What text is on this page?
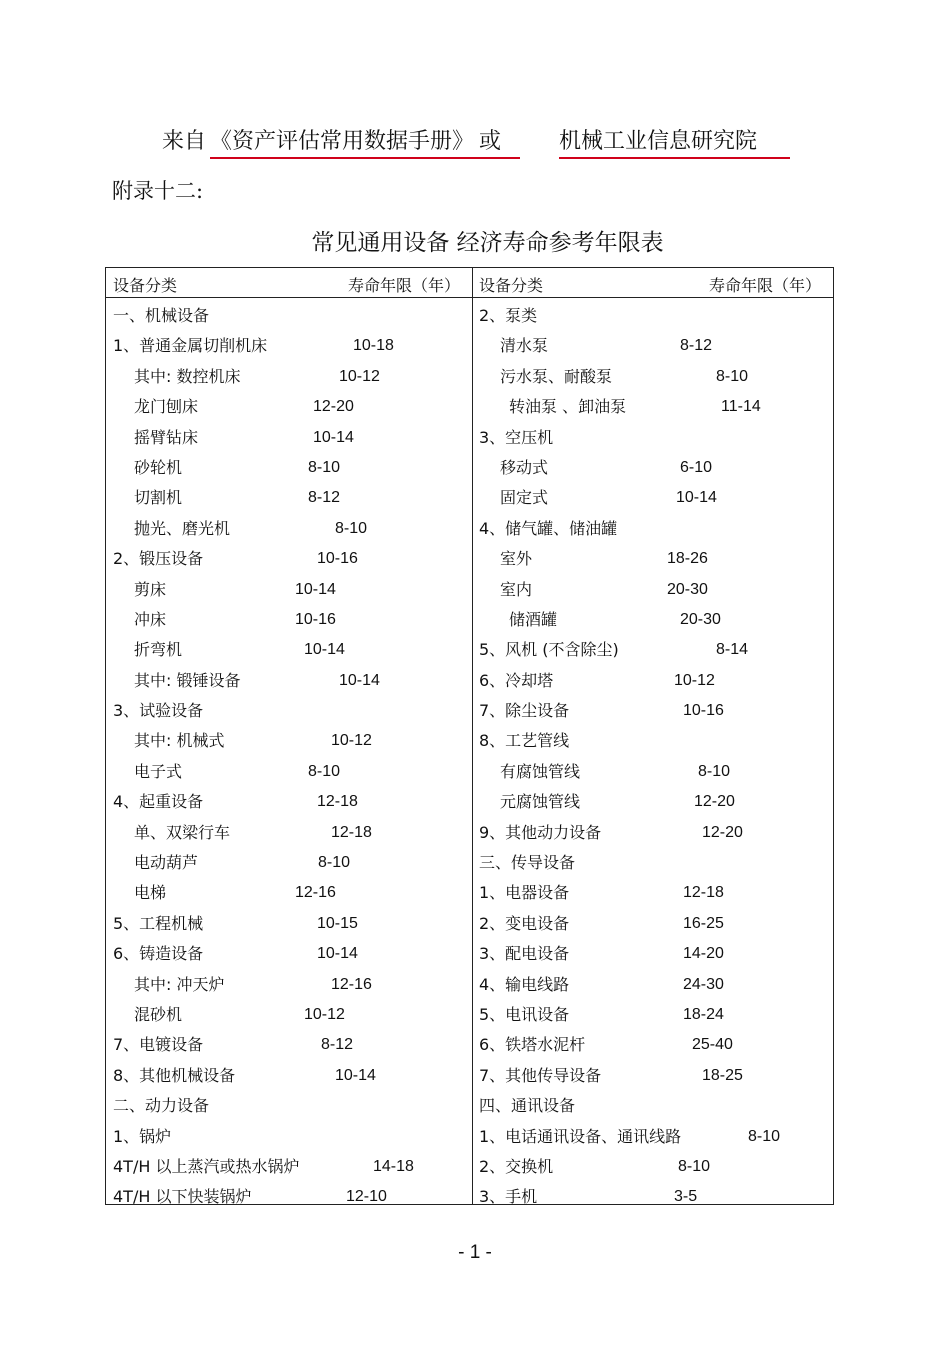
来自 《资产评估常用数据手册》 或	机械工业信息研究院
附录十二:
常见通用设备 经济寿命参考年限表
设备分类	寿命年限（年）
一、机械设备
1、普通金属切削机床	10-18
其中: 数控机床	10-12
龙门刨床	12-20
摇臂钻床	10-14
砂轮机	8-10
切割机	8-12
抛光、磨光机	8-10
2、锻压设备	10-16
剪床	10-14
冲床	10-16
折弯机	10-14
其中: 锻锤设备	10-14
3、试验设备
其中: 机械式	10-12
电子式	8-10
4、起重设备	12-18
单、双梁行车	12-18
电动葫芦	8-10
电梯	12-16
5、工程机械	10-15
6、铸造设备	10-14
其中: 冲天炉	12-16
混砂机	10-12
7、电镀设备	8-12
8、其他机械设备	10-14
二、动力设备
1、锅炉
4T/H 以上蒸汽或热水锅炉	14-18
4T/H 以下快装锅炉	12-10
设备分类	寿命年限（年）
2、泵类
清水泵	8-12
污水泵、耐酸泵	8-10
转油泵 、卸油泵	11-14
3、空压机
移动式	6-10
固定式	10-14
4、储气罐、储油罐
室外	18-26
室内	20-30
储酒罐	20-30
5、风机 (不含除尘)	8-14
6、冷却塔	10-12
7、除尘设备	10-16
8、工艺管线
有腐蚀管线	8-10
元腐蚀管线	12-20
9、其他动力设备	12-20
三、传导设备
1、电器设备	12-18
2、变电设备	16-25
3、配电设备	14-20
4、输电线路	24-30
5、电讯设备	18-24
6、铁塔水泥杆	25-40
7、其他传导设备	18-25
四、通讯设备
1、电话通讯设备、通讯线路	8-10
2、交换机	8-10
3、手机	3-5
- 1 -
